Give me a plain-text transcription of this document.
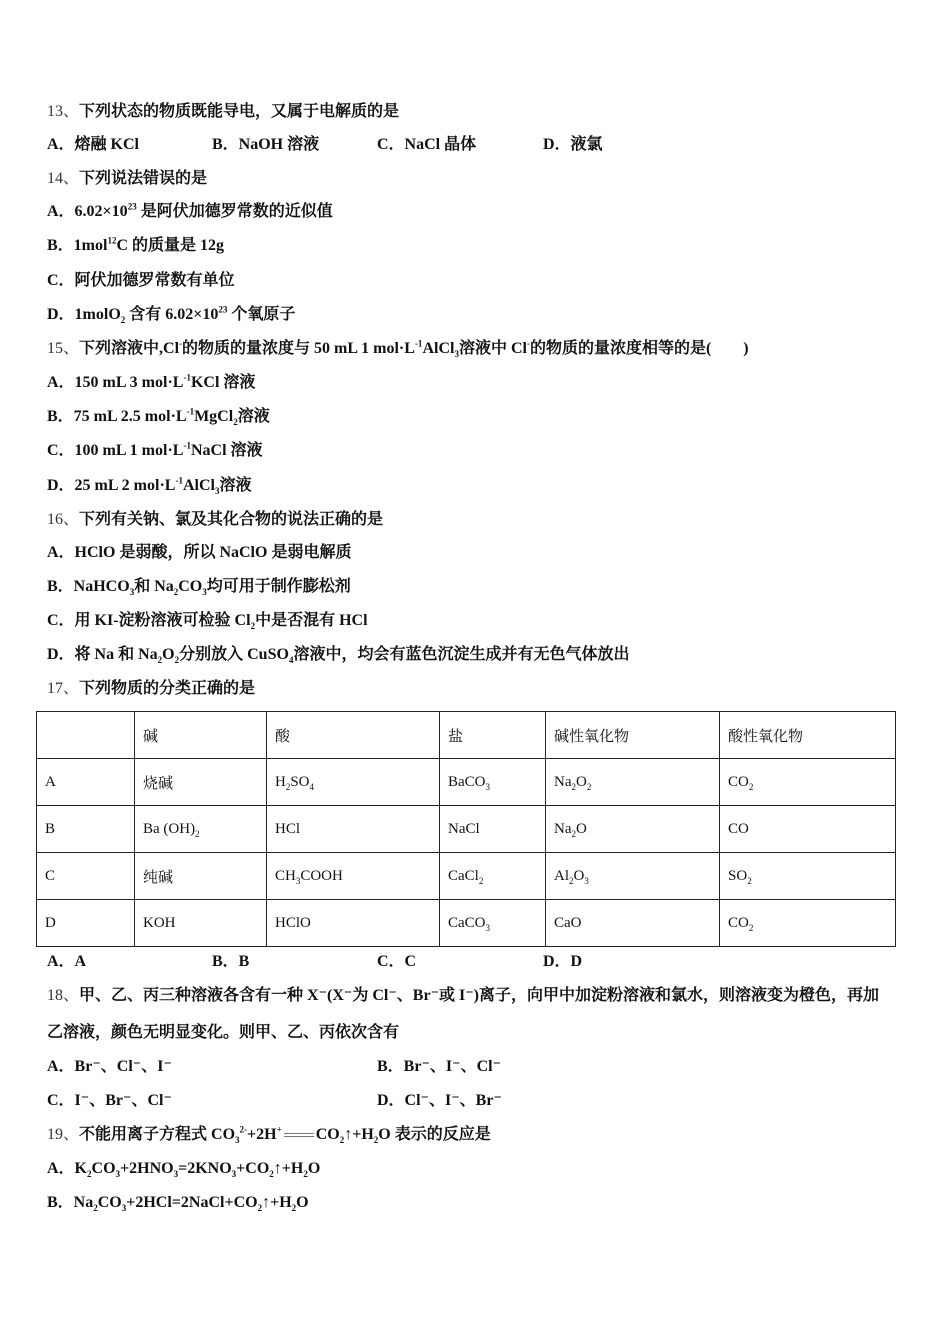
13、下列状态的物质既能导电，又属于电解质的是
14、下列说法错误的是
A．$6.02\times 10^{23}$ 是阿伏加德罗常数的近似值
B．1mol$^{12}$C 的质量是 12g
C．阿伏加德罗常数有单位
D．1molO$_2$ 含有 $6.02\times 10^{23}$ 个氧原子
15、下列溶液中,Cl-的物质的量浓度与 50 mL 1 $mol\cdot L^{-1}AlCl_3$溶液中 Cl-的物质的量浓度相等的是(　　)
A．150 mL 3 $mol\cdot L^{-1}KCl$ 溶液
B．75 mL 2.5 $mol\cdot L^{-1}MgCl_2$溶液
C．100 mL 1 $mol\cdot L^{-1}NaCl$ 溶液
D．25 mL 2 $mol\cdot L^{-1}AlCl_3$溶液
16、下列有关钠、氯及其化合物的说法正确的是
A．HClO 是弱酸，所以 NaClO 是弱电解质
B．NaHCO$_3$和 $Na_2CO_3$均可用于制作膨松剂
C．用 KI-淀粉溶液可检验 $Cl_2$中是否混有 HCl
D．将 Na 和 $Na_2O_2$分别放入 CuSO$_4$溶液中，均会有蓝色沉淀生成并有无色气体放出
17、下列物质的分类正确的是
18、甲、乙、丙三种溶液各含有一种 X⁻(X⁻为 Cl⁻、Br⁻或 I⁻)离子，向甲中加淀粉溶液和氯水，则溶液变为橙色，再加
乙溶液，颜色无明显变化。则甲、乙、丙依次含有
19、不能用离子方程式 $CO_3^{2-}+2H^+$ $CO_2↑+H_2O$ 表示的反应是
A．$K_2CO_3+2HNO_3=2KNO_3+CO_2↑+H_2O$
B．$Na_2CO_3+2HCl=2NaCl+CO_2↑+H_2O$
A．熔融 KCl	B．NaOH 溶液	C．NaCl 晶体	D．液氯
A．A	B．B	C．C	D．D
A．Br⁻、Cl⁻、I⁻	B．Br⁻、I⁻、Cl⁻
C．I⁻、Br⁻、Cl⁻	D．Cl⁻、I⁻、Br⁻
	碱	酸	盐	碱性氧化物	酸性氧化物
A	烧碱	$H_2SO_4$	BaCO$_3$	$Na_2O_2$	$CO_2$
B	Ba $(OH)_2$	HCl	NaCl	$Na_2O$	CO
C	纯碱	$CH_3COOH$	CaCl$_2$	$Al_2O_3$	$SO_2$
D	KOH	HClO	CaCO$_3$	CaO	$CO_2$
